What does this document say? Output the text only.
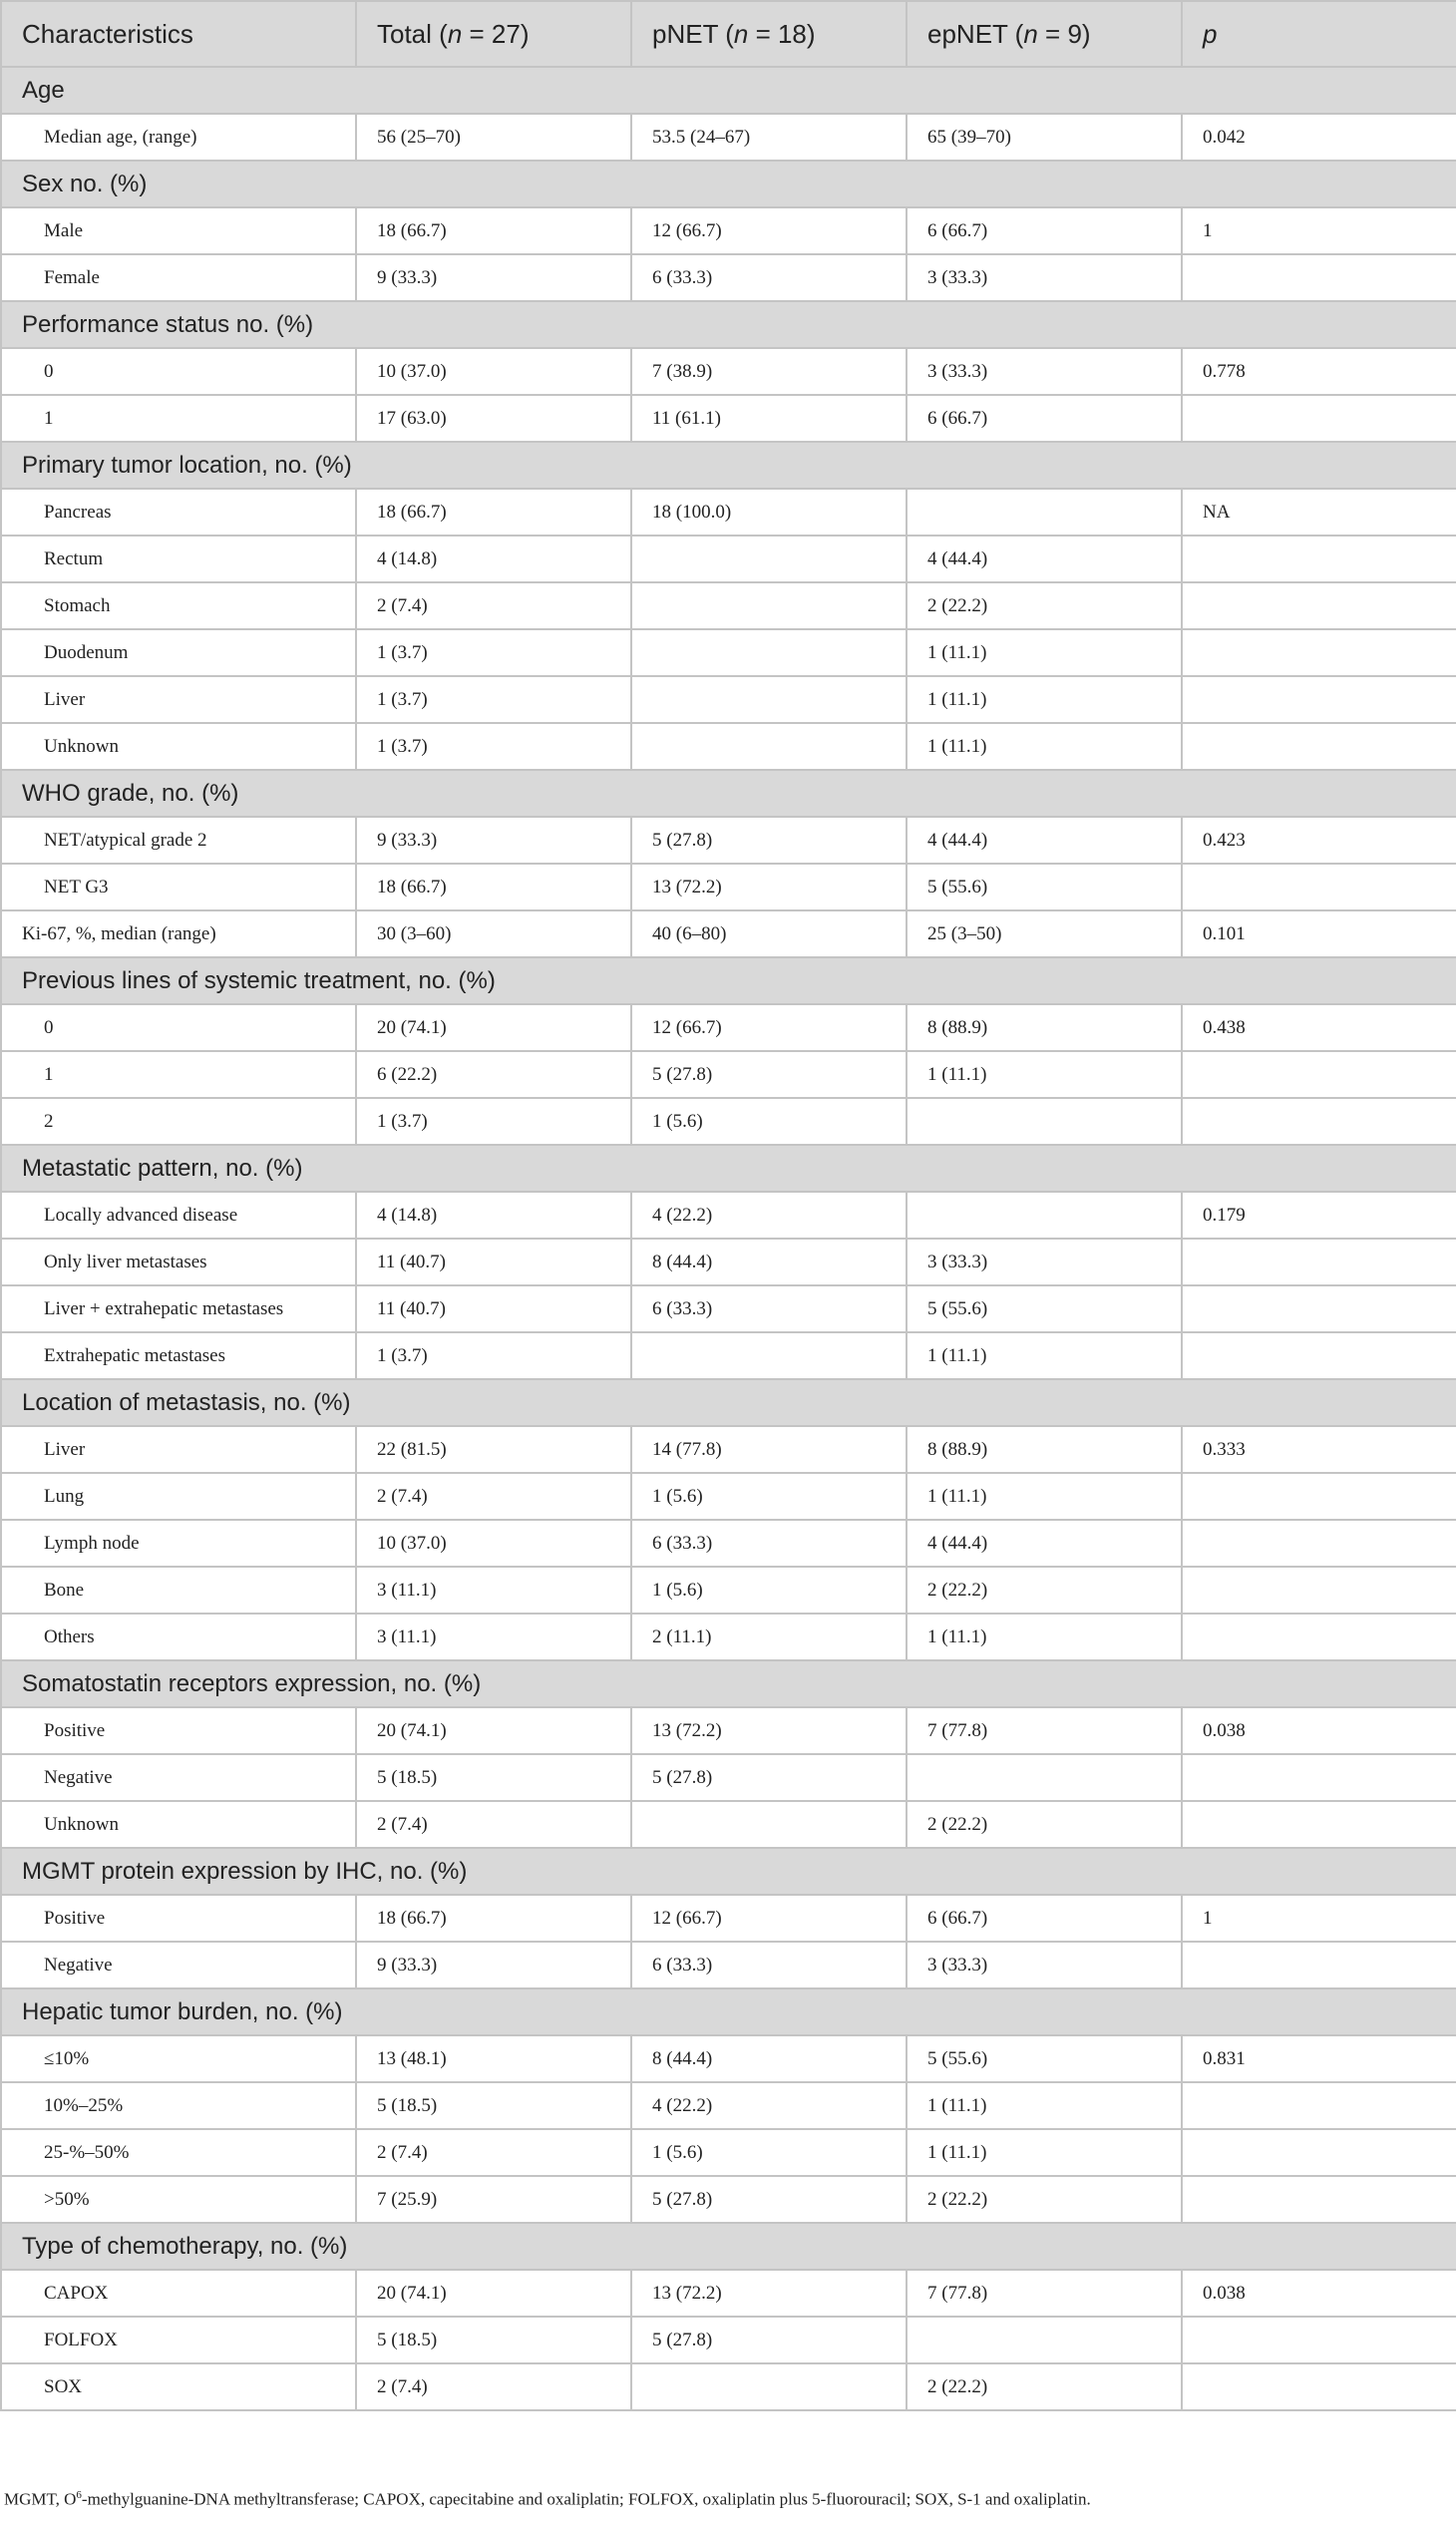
Characteristics	Total (n = 27)	pNET (n = 18)	epNET (n = 9)	p
Age				
Median age, (range)	56 (25–70)	53.5 (24–67)	65 (39–70)	0.042
Sex no. (%)				
Male	18 (66.7)	12 (66.7)	6 (66.7)	1
Female	9 (33.3)	6 (33.3)	3 (33.3)	
Performance status no. (%)				
0	10 (37.0)	7 (38.9)	3 (33.3)	0.778
1	17 (63.0)	11 (61.1)	6 (66.7)	
Primary tumor location, no. (%)				
Pancreas	18 (66.7)	18 (100.0)		NA
Rectum	4 (14.8)		4 (44.4)	
Stomach	2 (7.4)		2 (22.2)	
Duodenum	1 (3.7)		1 (11.1)	
Liver	1 (3.7)		1 (11.1)	
Unknown	1 (3.7)		1 (11.1)	
WHO grade, no. (%)				
NET/atypical grade 2	9 (33.3)	5 (27.8)	4 (44.4)	0.423
NET G3	18 (66.7)	13 (72.2)	5 (55.6)	
Ki-67, %, median (range)	30 (3–60)	40 (6–80)	25 (3–50)	0.101
Previous lines of systemic treatment, no. (%)				
0	20 (74.1)	12 (66.7)	8 (88.9)	0.438
1	6 (22.2)	5 (27.8)	1 (11.1)	
2	1 (3.7)	1 (5.6)		
Metastatic pattern, no. (%)				
Locally advanced disease	4 (14.8)	4 (22.2)		0.179
Only liver metastases	11 (40.7)	8 (44.4)	3 (33.3)	
Liver + extrahepatic metastases	11 (40.7)	6 (33.3)	5 (55.6)	
Extrahepatic metastases	1 (3.7)		1 (11.1)	
Location of metastasis, no. (%)				
Liver	22 (81.5)	14 (77.8)	8 (88.9)	0.333
Lung	2 (7.4)	1 (5.6)	1 (11.1)	
Lymph node	10 (37.0)	6 (33.3)	4 (44.4)	
Bone	3 (11.1)	1 (5.6)	2 (22.2)	
Others	3 (11.1)	2 (11.1)	1 (11.1)	
Somatostatin receptors expression, no. (%)				
Positive	20 (74.1)	13 (72.2)	7 (77.8)	0.038
Negative	5 (18.5)	5 (27.8)		
Unknown	2 (7.4)		2 (22.2)	
MGMT protein expression by IHC, no. (%)				
Positive	18 (66.7)	12 (66.7)	6 (66.7)	1
Negative	9 (33.3)	6 (33.3)	3 (33.3)	
Hepatic tumor burden, no. (%)				
≤10%	13 (48.1)	8 (44.4)	5 (55.6)	0.831
10%–25%	5 (18.5)	4 (22.2)	1 (11.1)	
25-%–50%	2 (7.4)	1 (5.6)	1 (11.1)	
>50%	7 (25.9)	5 (27.8)	2 (22.2)	
Type of chemotherapy, no. (%)				
CAPOX	20 (74.1)	13 (72.2)	7 (77.8)	0.038
FOLFOX	5 (18.5)	5 (27.8)		
SOX	2 (7.4)		2 (22.2)	
MGMT, $O^6-methylguanine$-DNA methyltransferase; CAPOX, capecitabine and oxaliplatin; FOLFOX, oxaliplatin plus 5-fluorouracil; SOX, S-1 and oxaliplatin.
